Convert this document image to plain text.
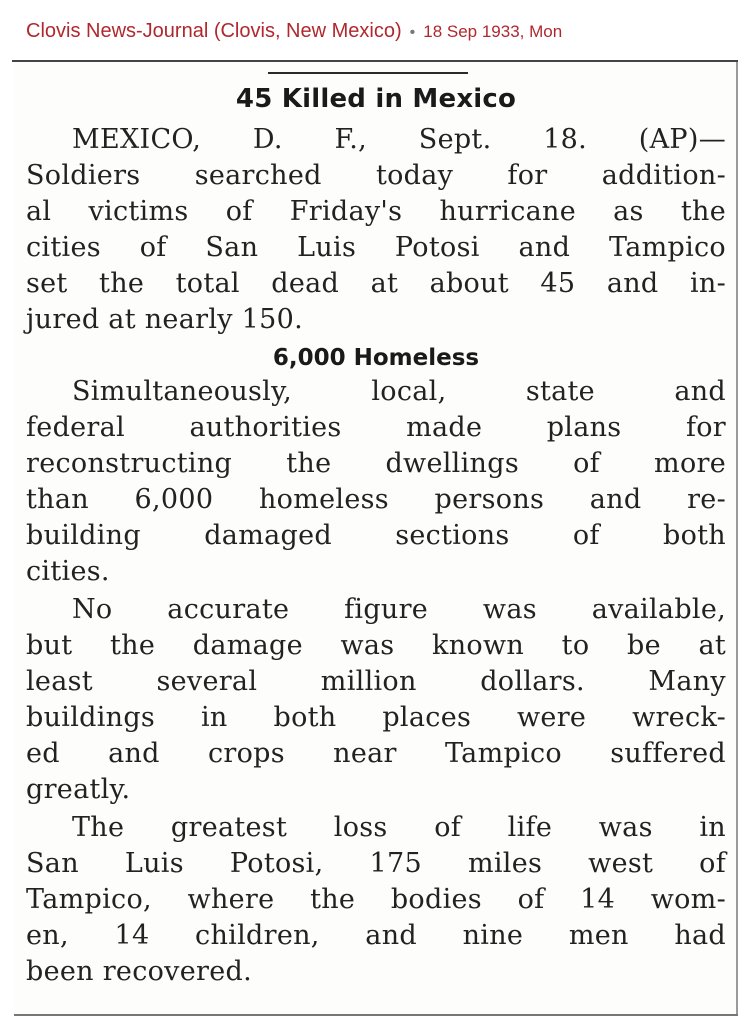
Clovis News-Journal (Clovis, New Mexico) • 18 Sep 1933, Mon
45 Killed in Mexico
MEXICO, D. F., Sept. 18. (AP)—
Soldiers searched today for addition-
al victims of Friday's hurricane as the
cities of San Luis Potosi and Tampico
set the total dead at about 45 and in-
jured at nearly 150.
6,000 Homeless
Simultaneously, local, state and
federal authorities made plans for
reconstructing the dwellings of more
than 6,000 homeless persons and re-
building damaged sections of both
cities.
No accurate figure was available,
but the damage was known to be at
least several million dollars. Many
buildings in both places were wreck-
ed and crops near Tampico suffered
greatly.
The greatest loss of life was in
San Luis Potosi, 175 miles west of
Tampico, where the bodies of 14 wom-
en, 14 children, and nine men had
been recovered.
